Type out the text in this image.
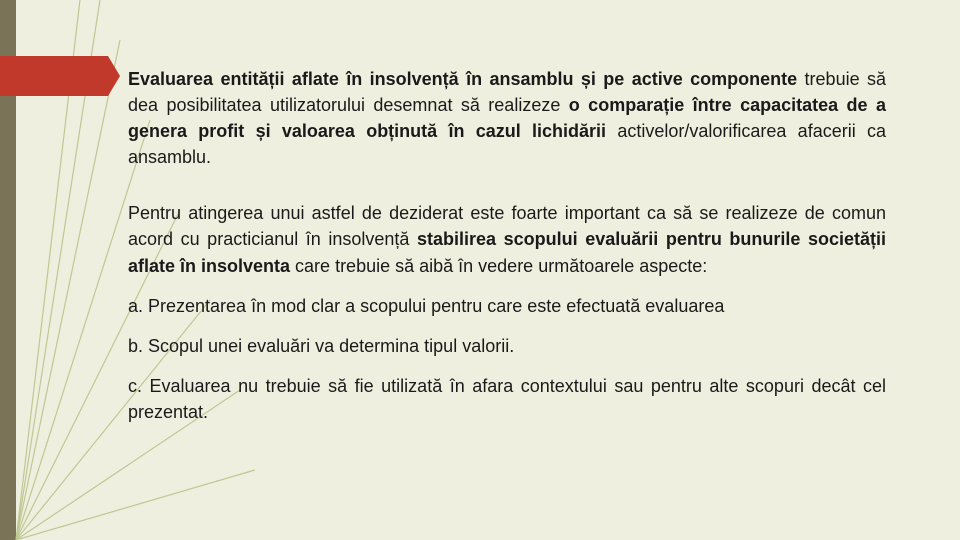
Evaluarea entității aflate în insolvență în ansamblu și pe active componente trebuie să dea posibilitatea utilizatorului desemnat să realizeze o comparație între capacitatea de a genera profit și valoarea obținută în cazul lichidării activelor/valorificarea afacerii ca ansamblu.

Pentru atingerea unui astfel de deziderat este foarte important ca să se realizeze de comun acord cu practicianul în insolvență stabilirea scopului evaluării pentru bunurile societății aflate în insolventa care trebuie să aibă în vedere următoarele aspecte:

a. Prezentarea în mod clar a scopului pentru care este efectuată evaluarea

b. Scopul unei evaluări va determina tipul valorii.

c. Evaluarea nu trebuie să fie utilizată în afara contextului sau pentru alte scopuri decât cel prezentat.
